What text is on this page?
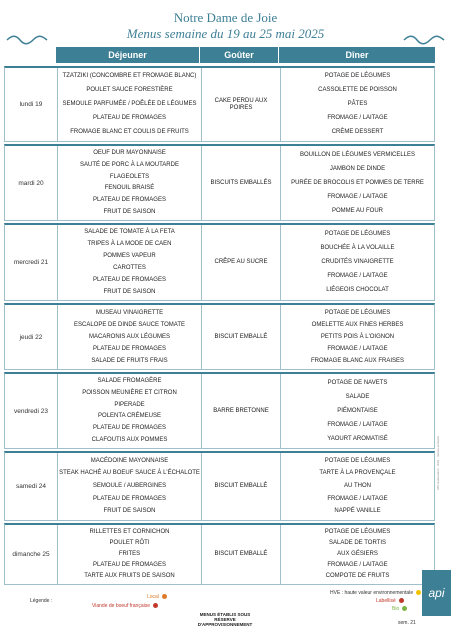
Notre Dame de Joie
Menus semaine du 19 au 25 mai 2025
Déjeuner	Goûter	Dîner
lundi 19
TZATZIKI (CONCOMBRE ET FROMAGE BLANC)
POULET SAUCE FORESTIÈRE
SEMOULE PARFUMÉE / POÊLÉE DE LÉGUMES
PLATEAU DE FROMAGES
FROMAGE BLANC ET COULIS DE FRUITS
CAKE PERDU AUX POIRES
POTAGE DE LÉGUMES
CASSOLETTE DE POISSON
PÂTES
FROMAGE / LAITAGE
CRÈME DESSERT
mardi 20
OEUF DUR MAYONNAISE
SAUTÉ DE PORC À LA MOUTARDE
FLAGEOLETS
FENOUIL BRAISÉ
PLATEAU DE FROMAGES
FRUIT DE SAISON
BISCUITS EMBALLÉS
BOUILLON DE LÉGUMES VERMICELLES
JAMBON DE DINDE
PURÉE DE BROCOLIS ET POMMES DE TERRE
FROMAGE / LAITAGE
POMME AU FOUR
mercredi 21
SALADE DE TOMATE À LA FETA
TRIPES À LA MODE DE CAEN
POMMES VAPEUR
CAROTTES
PLATEAU DE FROMAGES
FRUIT DE SAISON
CRÊPE AU SUCRE
POTAGE DE LÉGUMES
BOUCHÉE À LA VOLAILLE
CRUDITÉS VINAIGRETTE
FROMAGE / LAITAGE
LIÉGEOIS CHOCOLAT
jeudi 22
MUSEAU VINAIGRETTE
ESCALOPE DE DINDE SAUCE TOMATE
MACARONIS AUX LÉGUMES
PLATEAU DE FROMAGES
SALADE DE FRUITS FRAIS
BISCUIT EMBALLÉ
POTAGE DE LÉGUMES
OMELETTE AUX FINES HERBES
PETITS POIS À L'OIGNON
FROMAGE / LAITAGE
FROMAGE BLANC AUX FRAISES
vendredi 23
SALADE FROMAGÈRE
POISSON MEUNIÈRE ET CITRON
PIPERADE
POLENTA CRÉMEUSE
PLATEAU DE FROMAGES
CLAFOUTIS AUX POMMES
BARRE BRETONNE
POTAGE DE NAVETS
SALADE
PIÉMONTAISE
FROMAGE / LAITAGE
YAOURT AROMATISÉ
samedi 24
MACÉDOINE MAYONNAISE
STEAK HACHÉ AU BOEUF SAUCE À L'ÉCHALOTE
SEMOULE / AUBERGINES
PLATEAU DE FROMAGES
FRUIT DE SAISON
BISCUIT EMBALLÉ
POTAGE DE LÉGUMES
TARTE À LA PROVENÇALE
AU THON
FROMAGE / LAITAGE
NAPPÉ VANILLE
dimanche 25
RILLETTES ET CORNICHON
POULET RÔTI
FRITES
PLATEAU DE FROMAGES
TARTE AUX FRUITS DE SAISON
BISCUIT EMBALLÉ
POTAGE DE LÉGUMES
SALADE DE TORTIS
AUX GÉSIERS
FROMAGE / LAITAGE
COMPOTE DE FRUITS
API restauration · SAS · menus semaine
api
Légende :
Local
Viande de boeuf française
MENUS ÉTABLIS SOUS RÉSERVE D'APPROVISIONNEMENT
HVE : haute valeur environnementale
Labellisé
Bio
sem. 21
